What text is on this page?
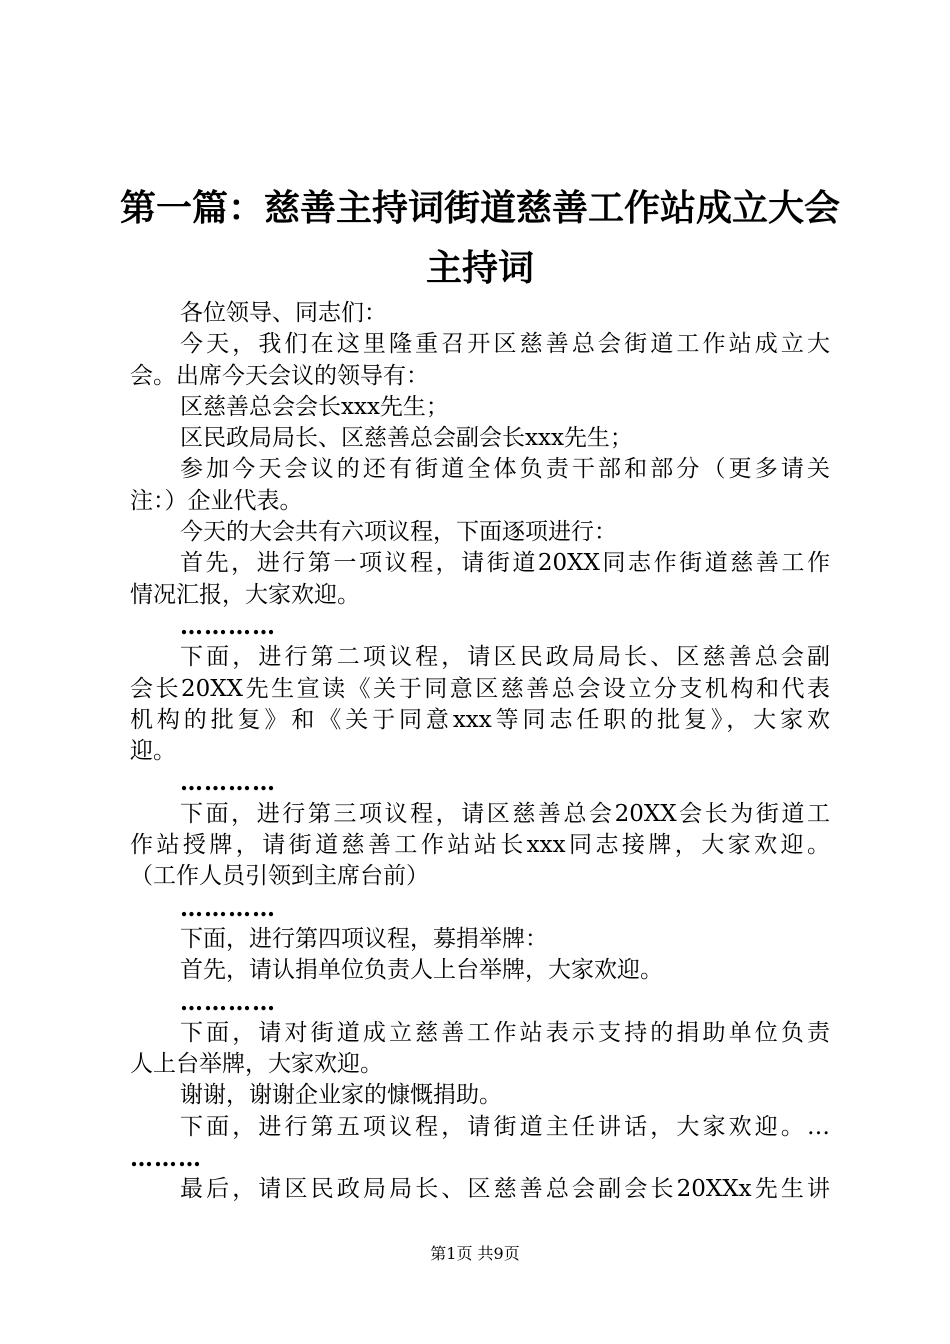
第一篇：慈善主持词街道慈善工作站成立大会
主持词
各位领导、同志们：
今天，我们在这里隆重召开区慈善总会街道工作站成立大
会。出席今天会议的领导有：
区慈善总会会长xxx先生；
区民政局局长、区慈善总会副会长xxx先生；
参加今天会议的还有街道全体负责干部和部分（更多请关
注：）企业代表。
今天的大会共有六项议程，下面逐项进行：
首先，进行第一项议程，请街道20XX同志作街道慈善工作
情况汇报，大家欢迎。
…………
下面，进行第二项议程，请区民政局局长、区慈善总会副
会长20XX先生宣读《关于同意区慈善总会设立分支机构和代表
机构的批复》和《关于同意xxx等同志任职的批复》，大家欢
迎。
…………
下面，进行第三项议程，请区慈善总会20XX会长为街道工
作站授牌，请街道慈善工作站站长xxx同志接牌，大家欢迎。
（工作人员引领到主席台前）
…………
下面，进行第四项议程，募捐举牌：
首先，请认捐单位负责人上台举牌，大家欢迎。
…………
下面，请对街道成立慈善工作站表示支持的捐助单位负责
人上台举牌，大家欢迎。
谢谢，谢谢企业家的慷慨捐助。
下面，进行第五项议程，请街道主任讲话，大家欢迎。…
………
最后，请区民政局局长、区慈善总会副会长20XXx先生讲
第1页 共9页
